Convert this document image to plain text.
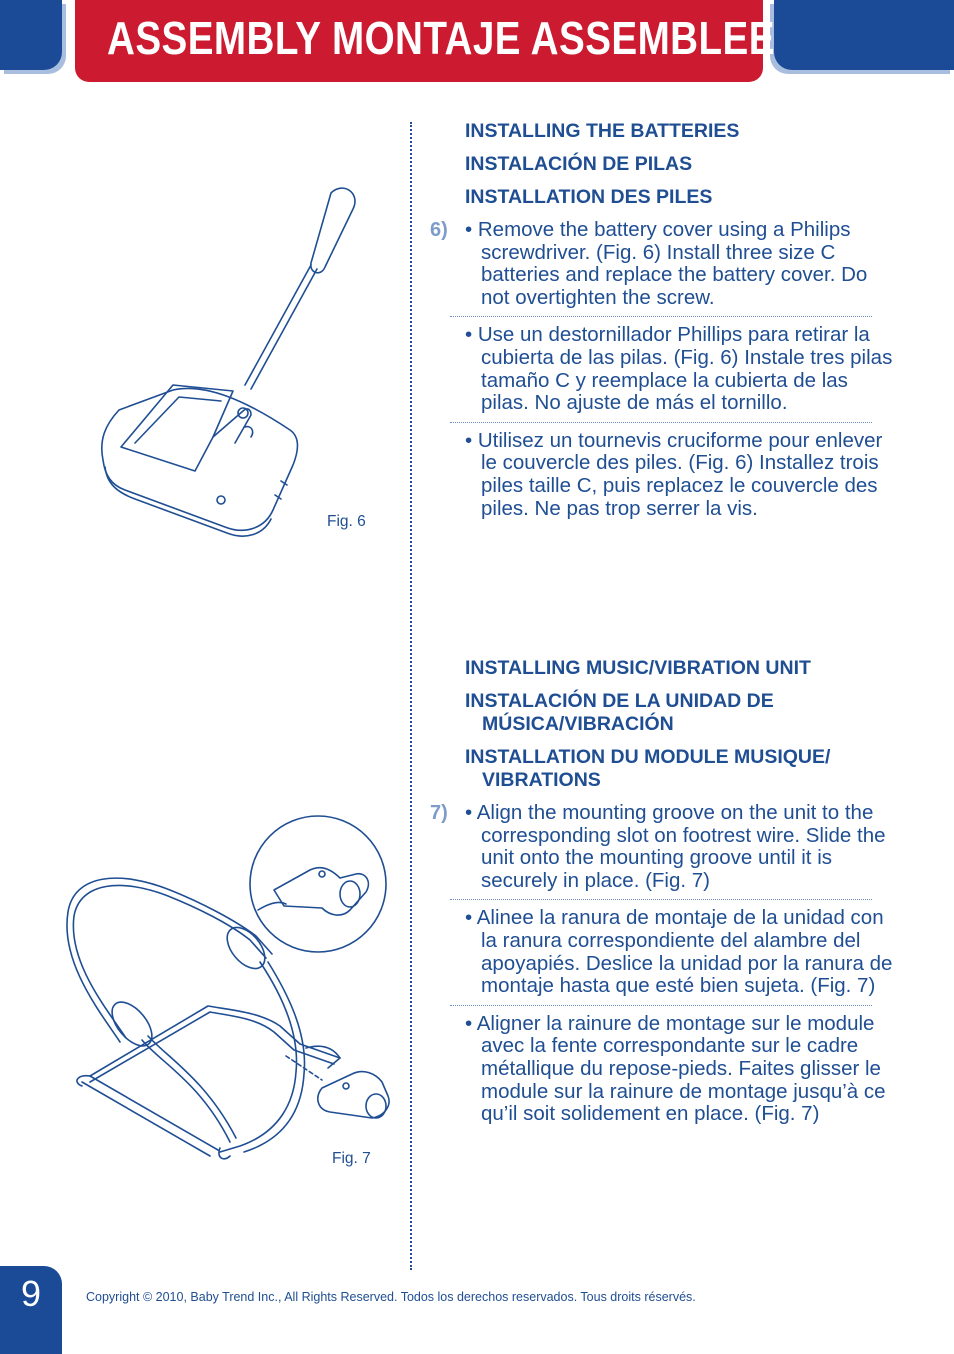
ASSEMBLY MONTAJE ASSEMBLEE
Fig. 6
Fig. 7

INSTALLING THE BATTERIES

INSTALACIÓN DE PILAS

INSTALLATION DES PILES

6) • Remove the battery cover using a Philips screwdriver. (Fig. 6) Install three size C batteries and replace the battery cover. Do not overtighten the screw.
• Use un destornillador Phillips para retirar la cubierta de las pilas. (Fig. 6) Instale tres pilas tamaño C y reemplace la cubierta de las pilas. No ajuste de más el tornillo.
• Utilisez un tournevis cruciforme pour enlever le couvercle des piles. (Fig. 6) Installez trois piles taille C, puis replacez le couvercle des piles. Ne pas trop serrer la vis.

INSTALLING MUSIC/VIBRATION UNIT

INSTALACIÓN DE LA UNIDAD DE
MÚSICA/VIBRACIÓN

INSTALLATION DU MODULE MUSIQUE/
VIBRATIONS

7) • Align the mounting groove on the unit to the corresponding slot on footrest wire. Slide the unit onto the mounting groove until it is securely in place. (Fig. 7)
• Alinee la ranura de montaje de la unidad con la ranura correspondiente del alambre del apoyapiés. Deslice la unidad por la ranura de montaje hasta que esté bien sujeta. (Fig. 7)
• Aligner la rainure de montage sur le module avec la fente correspondante sur le cadre métallique du repose-pieds. Faites glisser le module sur la rainure de montage jusqu’à ce qu’il soit solidement en place. (Fig. 7)
9	Copyright © 2010, Baby Trend Inc., All Rights Reserved. Todos los derechos reservados. Tous droits réservés.
